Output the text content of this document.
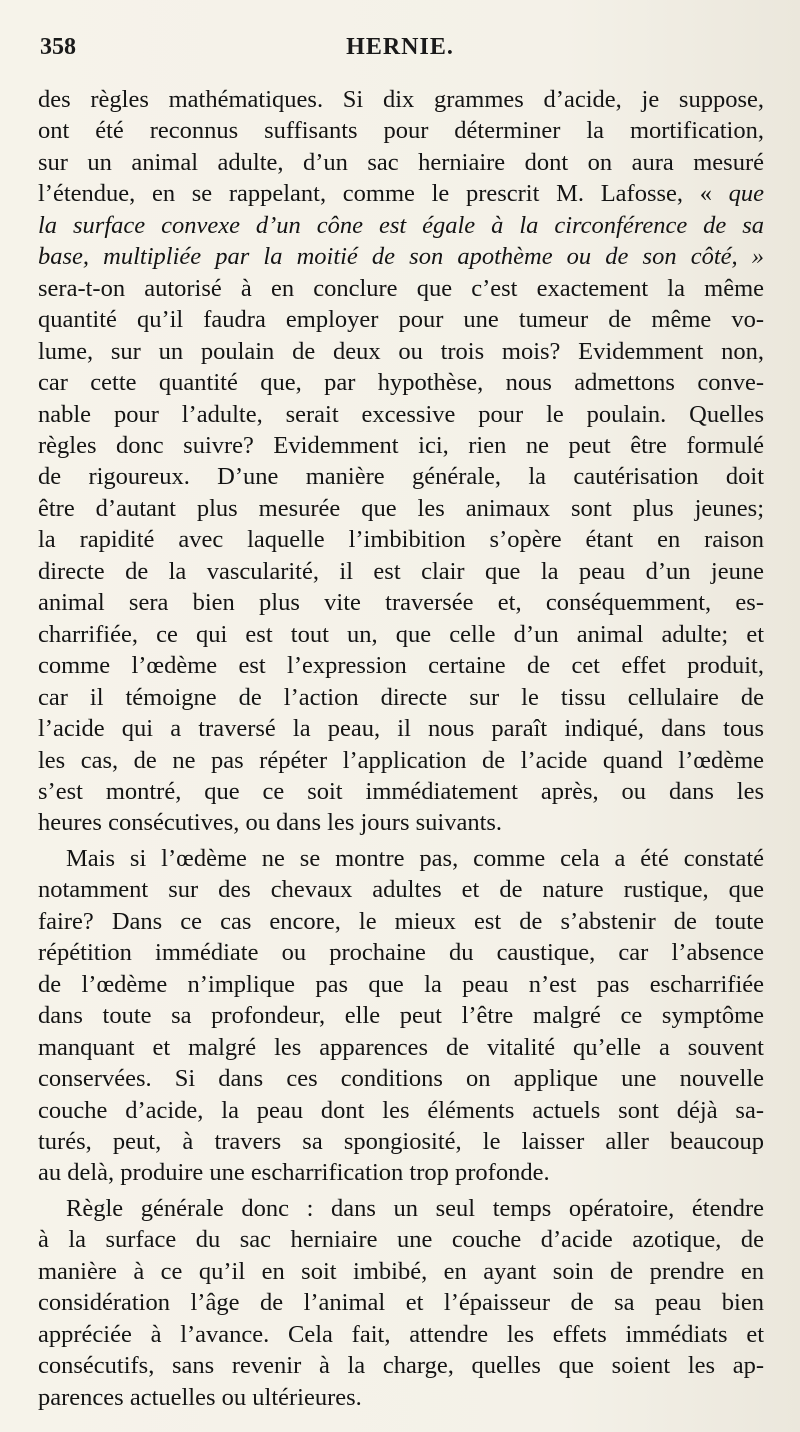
358	HERNIE.

des règles mathématiques. Si dix grammes d’acide, je suppose,
ont été reconnus suffisants pour déterminer la mortification,
sur un animal adulte, d’un sac herniaire dont on aura mesuré
l’étendue, en se rappelant, comme le prescrit M. Lafosse, « que
la surface convexe d’un cône est égale à la circonférence de sa
base, multipliée par la moitié de son apothème ou de son côté, »
sera-t-on autorisé à en conclure que c’est exactement la même
quantité qu’il faudra employer pour une tumeur de même vo-
lume, sur un poulain de deux ou trois mois? Evidemment non,
car cette quantité que, par hypothèse, nous admettons conve-
nable pour l’adulte, serait excessive pour le poulain. Quelles
règles donc suivre? Evidemment ici, rien ne peut être formulé
de rigoureux. D’une manière générale, la cautérisation doit
être d’autant plus mesurée que les animaux sont plus jeunes;
la rapidité avec laquelle l’imbibition s’opère étant en raison
directe de la vascularité, il est clair que la peau d’un jeune
animal sera bien plus vite traversée et, conséquemment, es-
charrifiée, ce qui est tout un, que celle d’un animal adulte; et
comme l’œdème est l’expression certaine de cet effet produit,
car il témoigne de l’action directe sur le tissu cellulaire de
l’acide qui a traversé la peau, il nous paraît indiqué, dans tous
les cas, de ne pas répéter l’application de l’acide quand l’œdème
s’est montré, que ce soit immédiatement après, ou dans les
heures consécutives, ou dans les jours suivants.

Mais si l’œdème ne se montre pas, comme cela a été constaté
notamment sur des chevaux adultes et de nature rustique, que
faire? Dans ce cas encore, le mieux est de s’abstenir de toute
répétition immédiate ou prochaine du caustique, car l’absence
de l’œdème n’implique pas que la peau n’est pas escharrifiée
dans toute sa profondeur, elle peut l’être malgré ce symptôme
manquant et malgré les apparences de vitalité qu’elle a souvent
conservées. Si dans ces conditions on applique une nouvelle
couche d’acide, la peau dont les éléments actuels sont déjà sa-
turés, peut, à travers sa spongiosité, le laisser aller beaucoup
au delà, produire une escharrification trop profonde.

Règle générale donc : dans un seul temps opératoire, étendre
à la surface du sac herniaire une couche d’acide azotique, de
manière à ce qu’il en soit imbibé, en ayant soin de prendre en
considération l’âge de l’animal et l’épaisseur de sa peau bien
appréciée à l’avance. Cela fait, attendre les effets immédiats et
consécutifs, sans revenir à la charge, quelles que soient les ap-
parences actuelles ou ultérieures.
